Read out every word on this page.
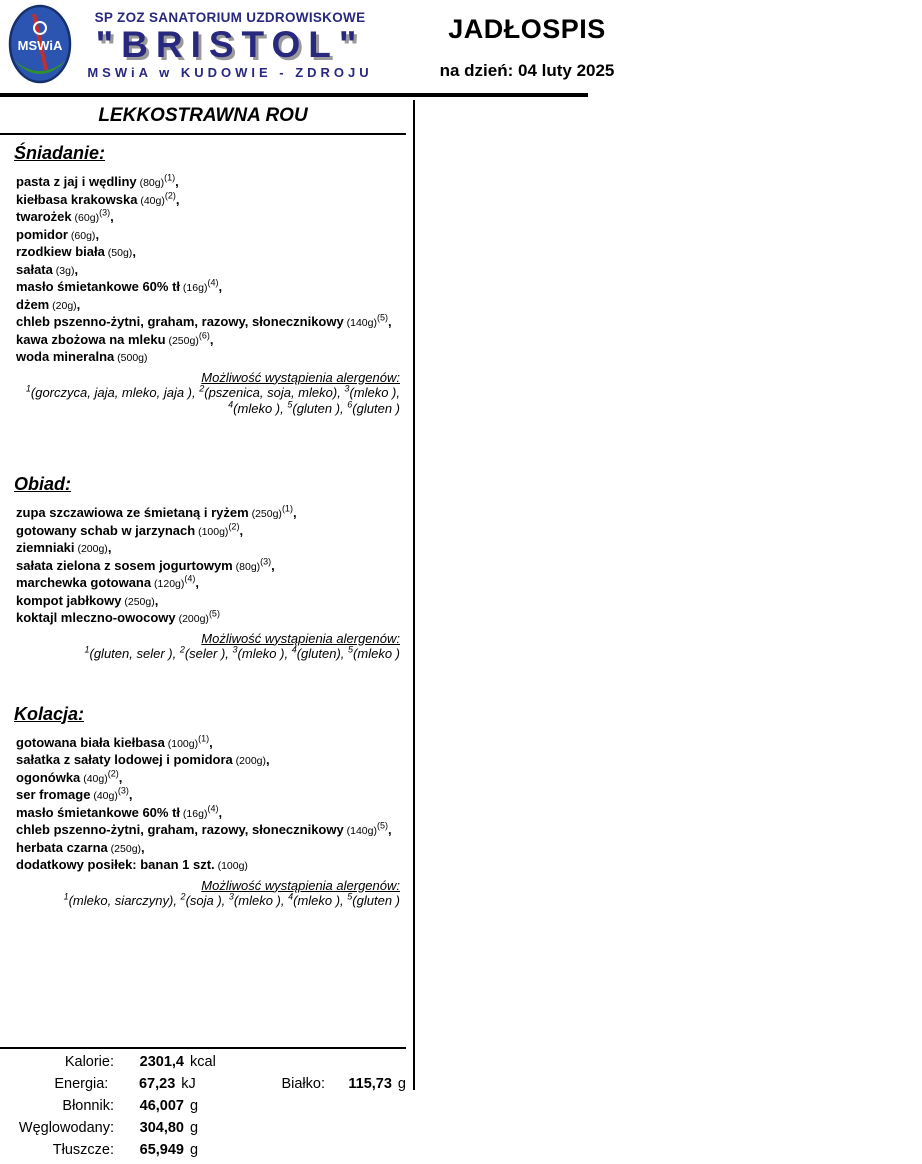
MSWiA
SP ZOZ SANATORIUM UZDROWISKOWE
"BRISTOL"
MSWiA w KUDOWIE - ZDROJU
JADŁOSPIS
na dzień: 04 luty 2025
LEKKOSTRAWNA ROU
Śniadanie:
pasta z jaj i wędliny $(80g)^{(1)}$,
kiełbasa krakowska $(40g)^{(2)}$,
twarożek $(60g)^{(3)}$,
pomidor (60g),
rzodkiew biała (50g),
sałata (3g),
masło śmietankowe 60% tł $(16g)^{(4)}$,
dżem (20g),
chleb pszenno-żytni, graham, razowy, słonecznikowy $(140g)^{(5)}$,
kawa zbożowa na mleku $(250g)^{(6)}$,
woda mineralna (500g)
Możliwość wystąpienia alergenów:
$^1$(gorczyca, jaja, mleko, jaja ), $^2$(pszenica, soja, mleko), $^3$(mleko ),
$^4$(mleko ), $^5$(gluten ), $^6$(gluten )
Obiad:
zupa szczawiowa ze śmietaną i ryżem $(250g)^{(1)}$,
gotowany schab w jarzynach $(100g)^{(2)}$,
ziemniaki (200g),
sałata zielona z sosem jogurtowym $(80g)^{(3)}$,
marchewka gotowana $(120g)^{(4)}$,
kompot jabłkowy (250g),
koktajl mleczno-owocowy $(200g)^{(5)}$
Możliwość wystąpienia alergenów:
$^1$(gluten, seler ), $^2$(seler ), $^3$(mleko ), $^4$(gluten), $^5$(mleko )
Kolacja:
gotowana biała kiełbasa $(100g)^{(1)}$,
sałatka z sałaty lodowej i pomidora (200g),
ogonówka $(40g)^{(2)}$,
ser fromage $(40g)^{(3)}$,
masło śmietankowe 60% tł $(16g)^{(4)}$,
chleb pszenno-żytni, graham, razowy, słonecznikowy $(140g)^{(5)}$,
herbata czarna (250g),
dodatkowy posiłek: banan 1 szt. (100g)
Możliwość wystąpienia alergenów:
$^1$(mleko, siarczyny), $^2$(soja ), $^3$(mleko ), $^4$(mleko ), $^5$(gluten )
Kalorie:	2301,4 kcal
Energia:	67,23 kJ	Białko:	115,73 g
Błonnik:	46,007 g
Węglowodany:	304,80 g
Tłuszcze:	65,949 g
